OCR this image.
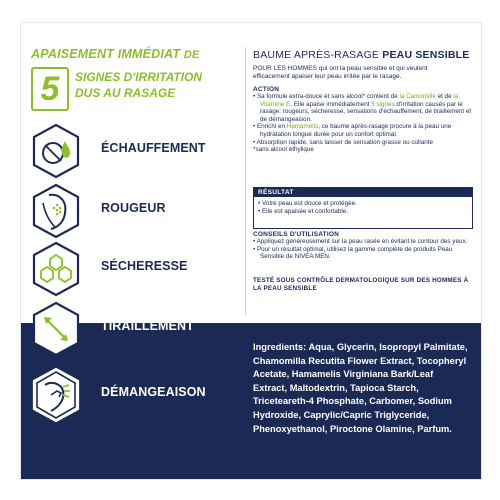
APAISEMENT IMMÉDIAT DE
5	SIGNES D'IRRITATION
DUS AU RASAGE
ÉCHAUFFEMENT
ROUGEUR
SÉCHERESSE
TIRAILLEMENT
DÉMANGEAISON
BAUME APRÈS-RASAGE PEAU SENSIBLE
POUR LES HOMMES qui ont la peau sensible et qui veulent
efficacement apaiser leur peau irritée par le rasage.
ACTION
• Sa formule extra-douce et sans alcool* contient de la Camomille et de la Vitamine E. Elle apaise immédiatement 5 signes d'irritation causés par le rasage: rougeurs, sécheresse, sensations d'échauffement, de tiraillement et de démangeaison.
• Enrichi en Hamamélis, ce baume après-rasage procure à la peau une hydratation longue durée pour un confort optimal.
• Absorption rapide, sans laisser de sensation grasse ou collante
*sans alcool éthylique
RÉSULTAT
• Votre peau est douce et protégée.
• Elle est apaisée et confortable.
CONSEILS D'UTILISATION
• Appliquez généreusement sur la peau rasée en évitant le contour des yeux.
• Pour un résultat optimal, utilisez la gamme complète de produits Peau Sensible de NIVEA MEN.
TESTÉ SOUS CONTRÔLE DERMATOLOGIQUE SUR DES HOMMES À LA PEAU SENSIBLE
Ingredients: Aqua, Glycerin, Isopropyl Palmitate, Chamomilla Recutita Flower Extract, Tocopheryl Acetate, Hamamelis Virginiana Bark/Leaf Extract, Maltodextrin, Tapioca Starch, Triceteareth-4 Phosphate, Carbomer, Sodium Hydroxide, Caprylic/Capric Triglyceride, Phenoxyethanol, Piroctone Olamine, Parfum.
